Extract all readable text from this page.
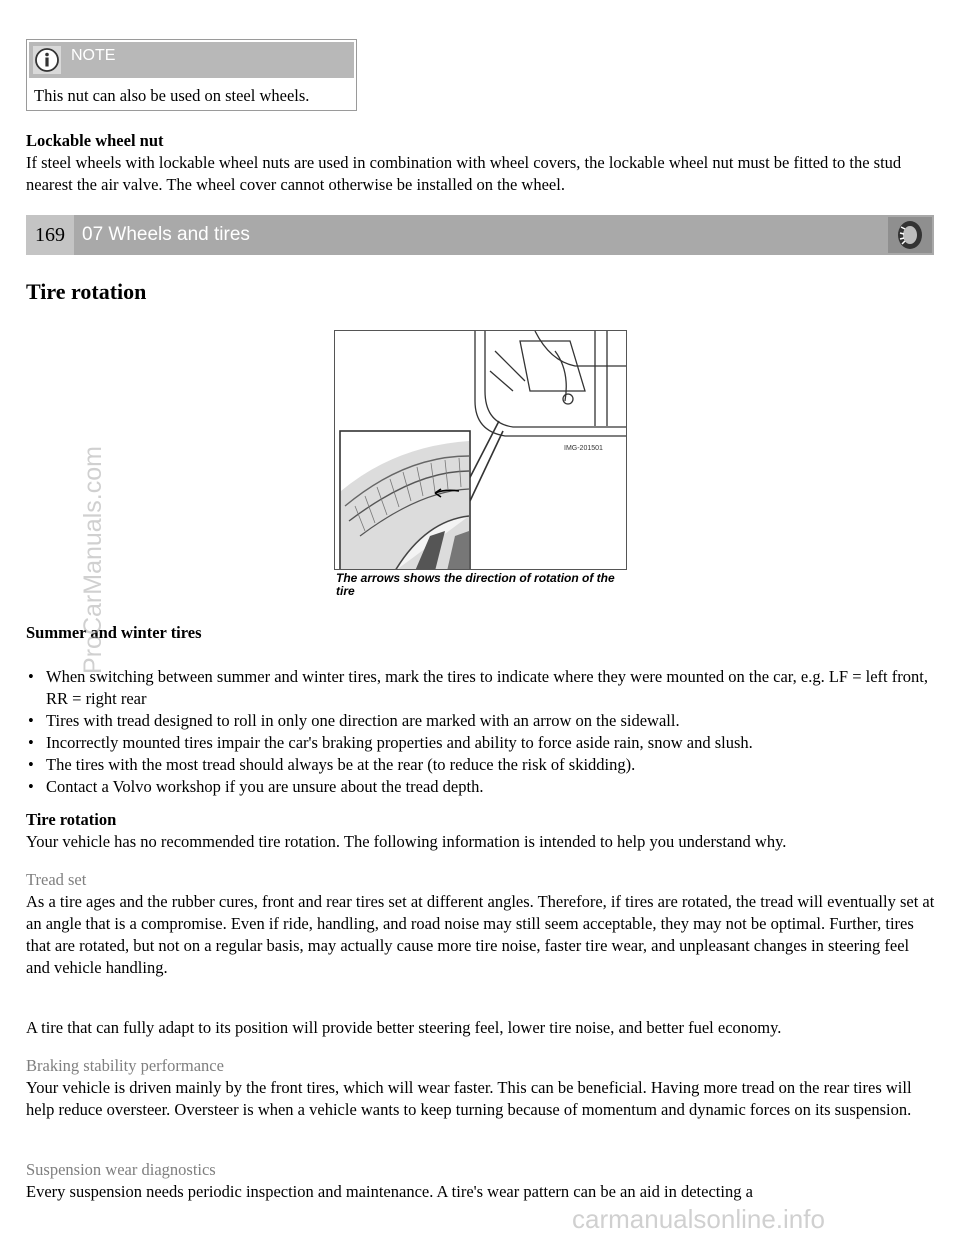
NOTE
This nut can also be used on steel wheels.
Lockable wheel nut
If steel wheels with lockable wheel nuts are used in combination with wheel covers, the lockable wheel nut must be fitted to the stud nearest the air valve. The wheel cover cannot otherwise be installed on the wheel.
169 07 Wheels and tires
Tire rotation
IMG-201501
The arrows shows the direction of rotation of the tire
Summer and winter tires
• When switching between summer and winter tires, mark the tires to indicate where they were mounted on the car, e.g. LF = left front, RR = right rear
• Tires with tread designed to roll in only one direction are marked with an arrow on the sidewall.
• Incorrectly mounted tires impair the car's braking properties and ability to force aside rain, snow and slush.
• The tires with the most tread should always be at the rear (to reduce the risk of skidding).
• Contact a Volvo workshop if you are unsure about the tread depth.
Tire rotation
Your vehicle has no recommended tire rotation. The following information is intended to help you understand why.
Tread set
As a tire ages and the rubber cures, front and rear tires set at different angles. Therefore, if tires are rotated, the tread will eventually set at an angle that is a compromise. Even if ride, handling, and road noise may still seem acceptable, they may not be optimal. Further, tires that are rotated, but not on a regular basis, may actually cause more tire noise, faster tire wear, and unpleasant changes in steering feel and vehicle handling.
A tire that can fully adapt to its position will provide better steering feel, lower tire noise, and better fuel economy.
Braking stability performance
Your vehicle is driven mainly by the front tires, which will wear faster. This can be beneficial. Having more tread on the rear tires will help reduce oversteer. Oversteer is when a vehicle wants to keep turning because of momentum and dynamic forces on its suspension.
Suspension wear diagnostics
Every suspension needs periodic inspection and maintenance. A tire's wear pattern can be an aid in detecting a
ProCarManuals.com
carmanualsonline.info
